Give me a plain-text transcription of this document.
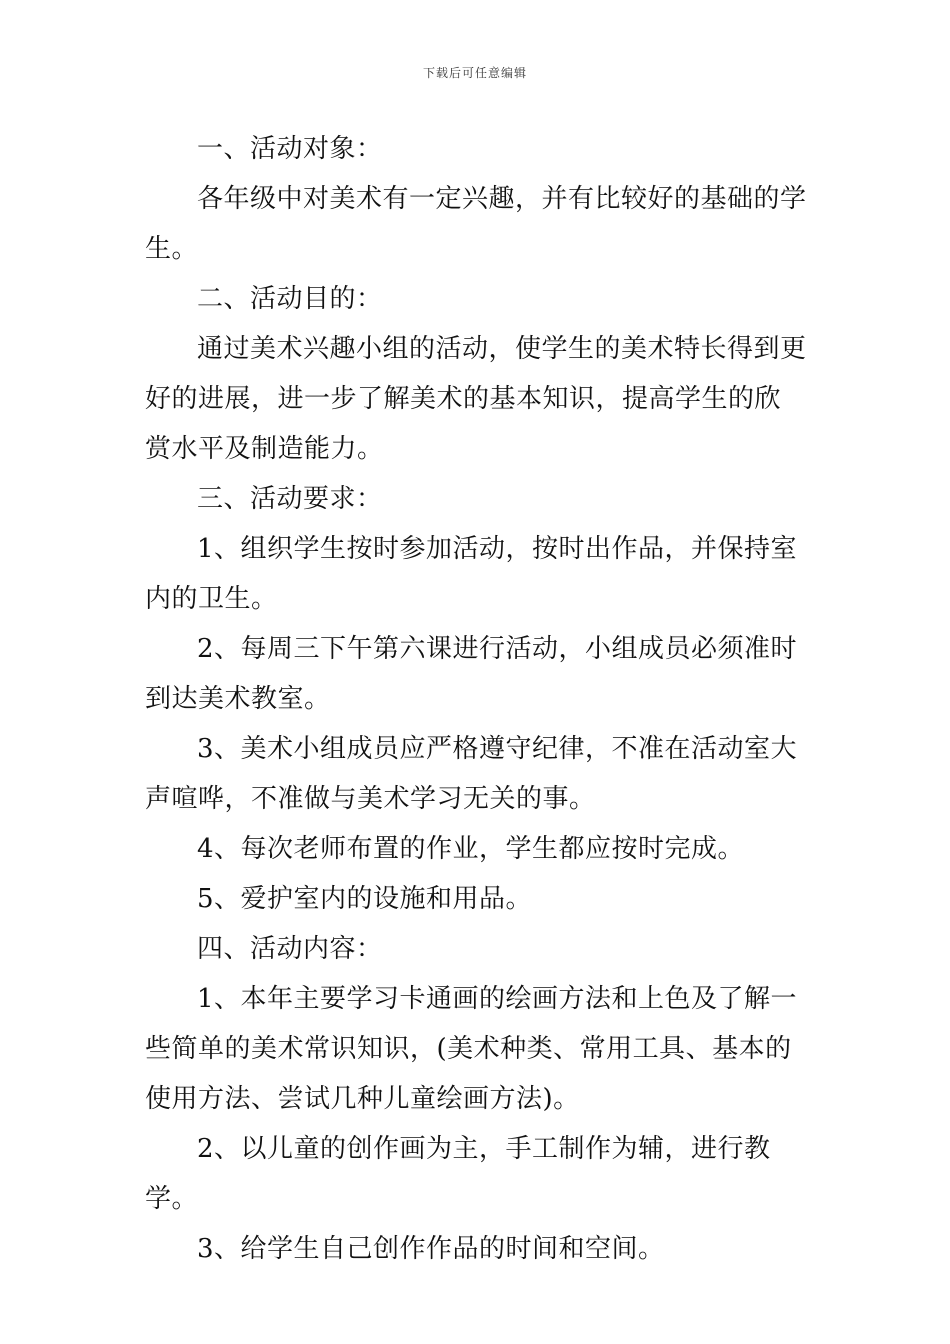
下载后可任意编辑

一、活动对象：

各年级中对美术有一定兴趣，并有比较好的基础的学生。

二、活动目的：

通过美术兴趣小组的活动，使学生的美术特长得到更好的进展，进一步了解美术的基本知识，提高学生的欣赏水平及制造能力。

三、活动要求：

1、组织学生按时参加活动，按时出作品，并保持室内的卫生。

2、每周三下午第六课进行活动，小组成员必须准时到达美术教室。

3、美术小组成员应严格遵守纪律，不准在活动室大声喧哗，不准做与美术学习无关的事。

4、每次老师布置的作业，学生都应按时完成。

5、爱护室内的设施和用品。

四、活动内容：

1、本年主要学习卡通画的绘画方法和上色及了解一些简单的美术常识知识，(美术种类、常用工具、基本的使用方法、尝试几种儿童绘画方法)。

2、以儿童的创作画为主，手工制作为辅，进行教学。

3、给学生自己创作作品的时间和空间。
